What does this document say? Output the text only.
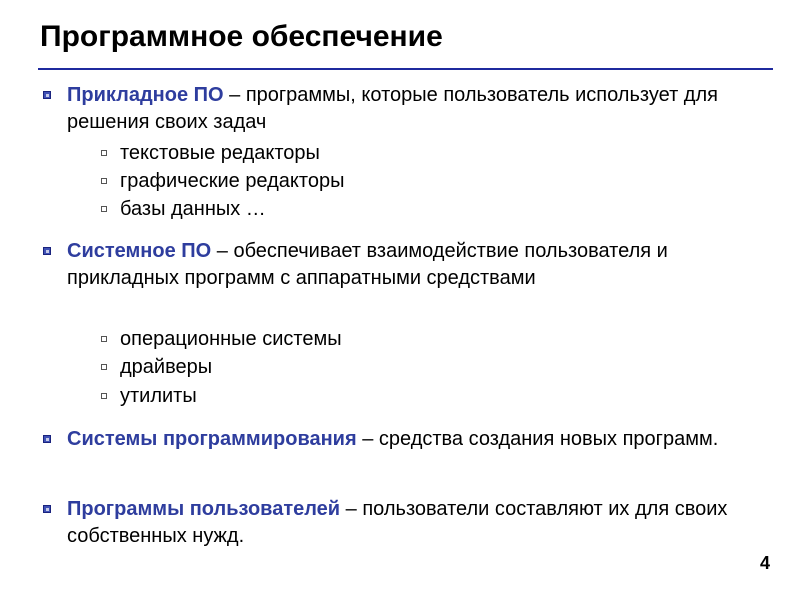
Программное обеспечение
Прикладное ПО – программы, которые пользователь использует для решения своих задач
текстовые редакторы
графические редакторы
базы данных …
Системное ПО – обеспечивает взаимодействие пользователя и прикладных программ с аппаратными средствами
операционные системы
драйверы
утилиты
Системы программирования – средства создания новых программ.
Программы пользователей – пользователи составляют их для своих собственных нужд.
4
